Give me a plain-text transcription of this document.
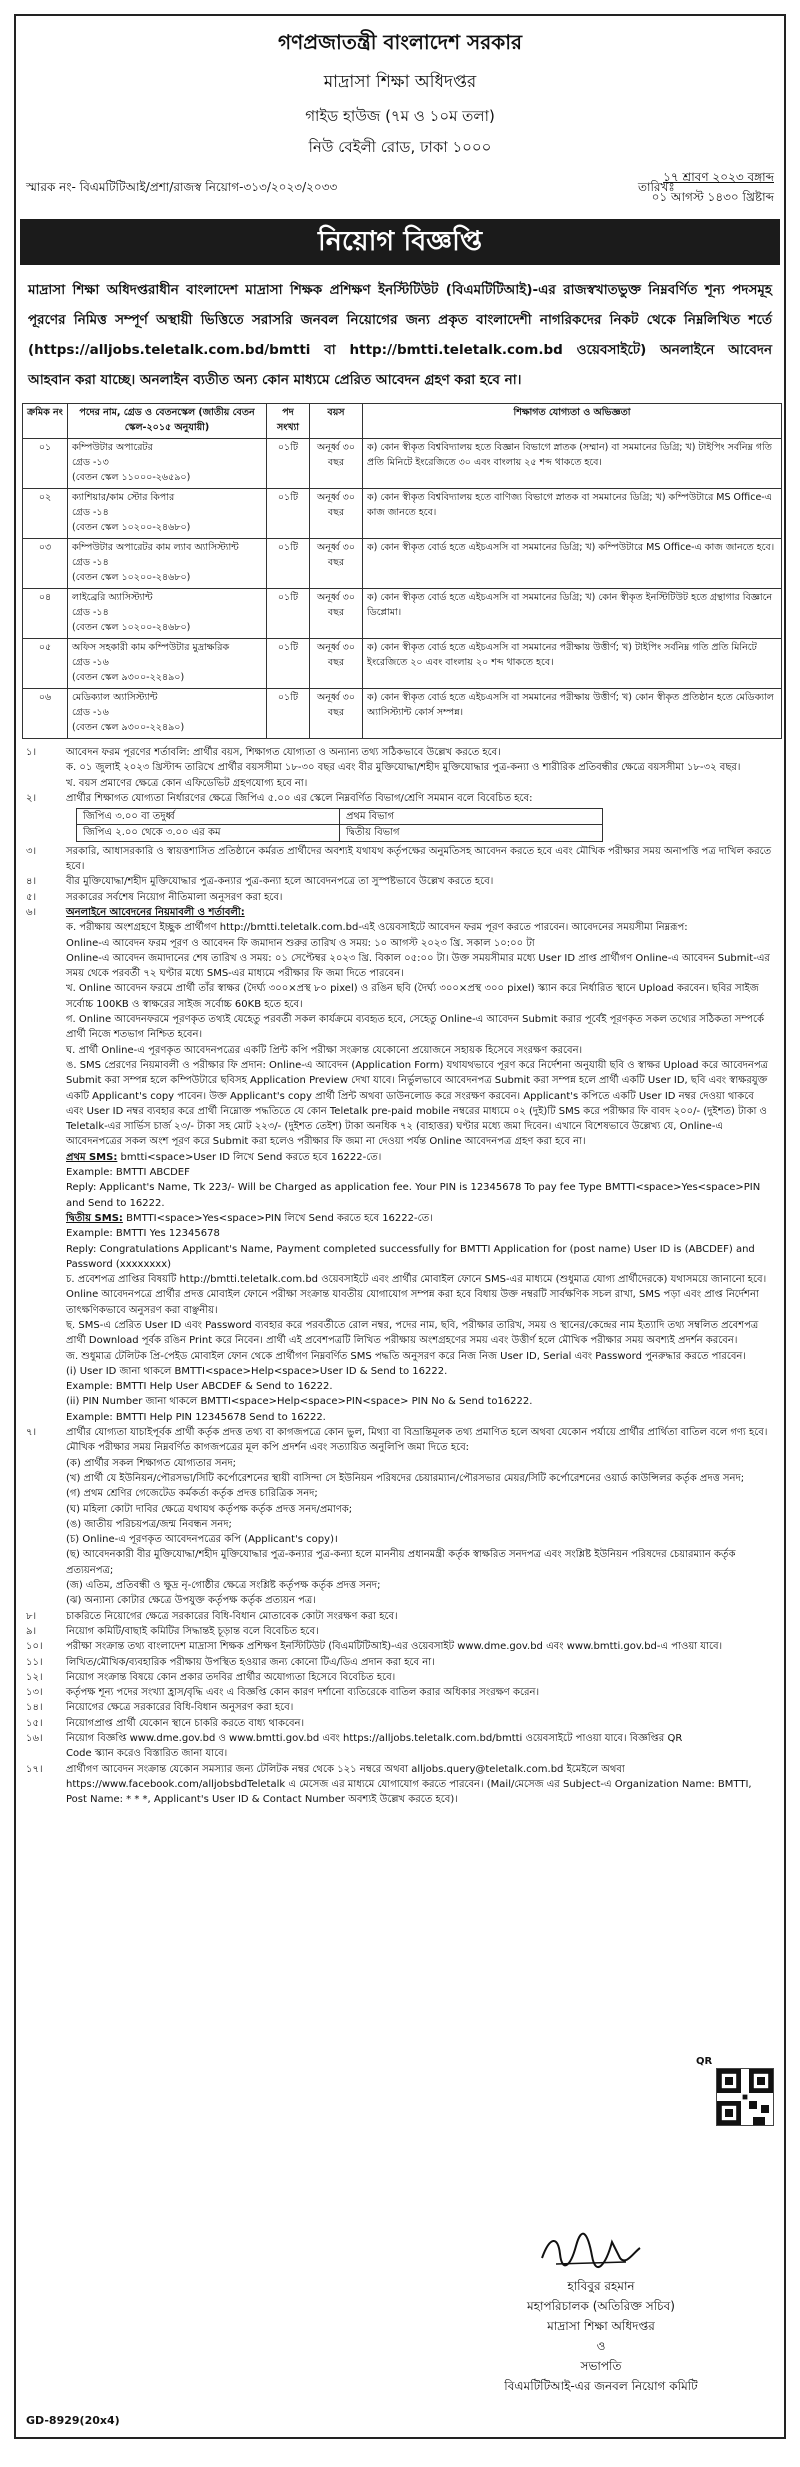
গণপ্রজাতন্ত্রী বাংলাদেশ সরকার
মাদ্রাসা শিক্ষা অধিদপ্তর
গাইড হাউজ (৭ম ও ১০ম তলা)
নিউ বেইলী রোড, ঢাকা ১০০০
স্মারক নং- বিএমটিটিআই/প্রশা/রাজস্ব নিয়োগ-৩১৩/২০২৩/২০৩৩	তারিখঃ
১৭ শ্রাবণ ২০২৩ বঙ্গাব্দ
০১ আগস্ট ১৪৩০ খ্রিষ্টাব্দ
নিয়োগ বিজ্ঞপ্তি
মাদ্রাসা শিক্ষা অধিদপ্তরাধীন বাংলাদেশ মাদ্রাসা শিক্ষক প্রশিক্ষণ ইনস্টিটিউট (বিএমটিটিআই)-এর রাজস্বখাতভুক্ত নিম্নবর্ণিত শূন্য পদসমূহ পূরণের নিমিত্ত সম্পূর্ণ অস্থায়ী ভিত্তিতে সরাসরি জনবল নিয়োগের জন্য প্রকৃত বাংলাদেশী নাগরিকদের নিকট থেকে নিম্নলিখিত শর্তে (https://alljobs.teletalk.com.bd/bmtti বা http://bmtti.teletalk.com.bd ওয়েবসাইটে) অনলাইনে আবেদন আহবান করা যাচ্ছে। অনলাইন ব্যতীত অন্য কোন মাধ্যমে প্রেরিত আবেদন গ্রহণ করা হবে না।
ক্রমিক নং	পদের নাম, গ্রেড ও বেতনস্কেল (জাতীয় বেতন স্কেল-২০১৫ অনুযায়ী)	পদ সংখ্যা	বয়স	শিক্ষাগত যোগ্যতা ও অভিজ্ঞতা

০১	কম্পিউটার অপারেটর
গ্রেড -১৩
(বেতন স্কেল ১১০০০-২৬৫৯০)	০১টি	অনূর্ধ্ব ৩০ বছর	ক) কোন স্বীকৃত বিশ্ববিদ্যালয় হতে বিজ্ঞান বিভাগে স্নাতক (সম্মান) বা সমমানের ডিগ্রি; খ) টাইপিং সর্বনিম্ন গতি প্রতি মিনিটে ইংরেজিতে ৩০ এবং বাংলায় ২৫ শব্দ থাকতে হবে।

০২	ক্যাশিয়ার/কাম স্টোর কিপার
গ্রেড -১৪
(বেতন স্কেল ১০২০০-২৪৬৮০)	০১টি	অনূর্ধ্ব ৩০ বছর	ক) কোন স্বীকৃত বিশ্ববিদ্যালয় হতে বাণিজ্য বিভাগে স্নাতক বা সমমানের ডিগ্রি; খ) কম্পিউটারে MS Office-এ কাজ জানতে হবে।

০৩	কম্পিউটার অপারেটর কাম ল্যাব অ্যাসিস্ট্যান্ট
গ্রেড -১৪
(বেতন স্কেল ১০২০০-২৪৬৮০)	০১টি	অনূর্ধ্ব ৩০ বছর	ক) কোন স্বীকৃত বোর্ড হতে এইচএসসি বা সমমানের ডিগ্রি; খ) কম্পিউটারে MS Office-এ কাজ জানতে হবে।

০৪	লাইব্রেরি অ্যাসিস্ট্যান্ট
গ্রেড -১৪
(বেতন স্কেল ১০২০০-২৪৬৮০)	০১টি	অনূর্ধ্ব ৩০ বছর	ক) কোন স্বীকৃত বোর্ড হতে এইচএসসি বা সমমানের ডিগ্রি; খ) কোন স্বীকৃত ইনস্টিটিউট হতে গ্রন্থাগার বিজ্ঞানে ডিপ্লোমা।

০৫	অফিস সহকারী কাম কম্পিউটার মুদ্রাক্ষরিক
গ্রেড -১৬
(বেতন স্কেল ৯৩০০-২২৪৯০)	০১টি	অনূর্ধ্ব ৩০ বছর	ক) কোন স্বীকৃত বোর্ড হতে এইচএসসি বা সমমানের পরীক্ষায় উত্তীর্ণ; খ) টাইপিং সর্বনিম্ন গতি প্রতি মিনিটে ইংরেজিতে ২০ এবং বাংলায় ২০ শব্দ থাকতে হবে।

০৬	মেডিক্যাল অ্যাসিস্ট্যান্ট
গ্রেড -১৬
(বেতন স্কেল ৯৩০০-২২৪৯০)	০১টি	অনূর্ধ্ব ৩০ বছর	ক) কোন স্বীকৃত বোর্ড হতে এইচএসসি বা সমমানের পরীক্ষায় উত্তীর্ণ; খ) কোন স্বীকৃত প্রতিষ্ঠান হতে মেডিক্যাল অ্যাসিস্ট্যান্ট কোর্স সম্পন্ন।
১।	আবেদন ফরম পূরণের শর্তাবলি: প্রার্থীর বয়স, শিক্ষাগত যোগ্যতা ও অন্যান্য তথ্য সঠিকভাবে উল্লেখ করতে হবে।

ক. ০১ জুলাই ২০২৩ খ্রিস্টাব্দ তারিখে প্রার্থীর বয়সসীমা ১৮-৩০ বছর এবং বীর মুক্তিযোদ্ধা/শহীদ মুক্তিযোদ্ধার পুত্র-কন্যা ও শারীরিক প্রতিবন্ধীর ক্ষেত্রে বয়সসীমা ১৮-৩২ বছর।

খ. বয়স প্রমাণের ক্ষেত্রে কোন এফিডেভিট গ্রহণযোগ্য হবে না।

২।	প্রার্থীর শিক্ষাগত যোগ্যতা নির্ধারণের ক্ষেত্রে জিপিএ ৫.০০ এর স্কেলে নিম্নবর্ণিত বিভাগ/শ্রেণি সমমান বলে বিবেচিত হবে:
জিপিএ ৩.০০ বা তদুর্ধ্ব	প্রথম বিভাগ
জিপিএ ২.০০ থেকে ৩.০০ এর কম	দ্বিতীয় বিভাগ
৩।	সরকারি, আধাসরকারি ও স্বায়ত্তশাসিত প্রতিষ্ঠানে কর্মরত প্রার্থীদের অবশ্যই যথাযথ কর্তৃপক্ষের অনুমতিসহ আবেদন করতে হবে এবং মৌখিক পরীক্ষার সময় অনাপত্তি পত্র দাখিল করতে হবে।
৪।	বীর মুক্তিযোদ্ধা/শহীদ মুক্তিযোদ্ধার পুত্র-কন্যার পুত্র-কন্যা হলে আবেদনপত্রে তা সুস্পষ্টভাবে উল্লেখ করতে হবে।
৫।	সরকারের সর্বশেষ নিয়োগ নীতিমালা অনুসরণ করা হবে।
৬।	অনলাইনে আবেদনের নিয়মাবলী ও শর্তাবলী:

ক. পরীক্ষায় অংশগ্রহণে ইচ্ছুক প্রার্থীগণ http://bmtti.teletalk.com.bd-এই ওয়েবসাইটে আবেদন ফরম পূরণ করতে পারবেন। আবেদনের সময়সীমা নিম্নরূপ:

Online-এ আবেদন ফরম পূরণ ও আবেদন ফি জমাদান শুরুর তারিখ ও সময়: ১০ আগস্ট ২০২৩ খ্রি. সকাল ১০:০০ টা

Online-এ আবেদন জমাদানের শেষ তারিখ ও সময়: ০১ সেপ্টেম্বর ২০২৩ খ্রি. বিকাল ০৫:০০ টা। উক্ত সময়সীমার মধ্যে User ID প্রাপ্ত প্রার্থীগণ Online-এ আবেদন Submit-এর সময় থেকে পরবর্তী ৭২ ঘণ্টার মধ্যে SMS-এর মাধ্যমে পরীক্ষার ফি জমা দিতে পারবেন।

খ. Online আবেদন ফরমে প্রার্থী তাঁর স্বাক্ষর (দৈর্ঘ্য ৩০০×প্রস্থ ৮০ pixel) ও রঙিন ছবি (দৈর্ঘ্য ৩০০×প্রস্থ ৩০০ pixel) স্ক্যান করে নির্ধারিত স্থানে Upload করবেন। ছবির সাইজ সর্বোচ্চ 100KB ও স্বাক্ষরের সাইজ সর্বোচ্চ 60KB হতে হবে।

গ. Online আবেদনফরমে পূরণকৃত তথ্যই যেহেতু পরবর্তী সকল কার্যক্রমে ব্যবহৃত হবে, সেহেতু Online-এ আবেদন Submit করার পূর্বেই পূরণকৃত সকল তথ্যের সঠিকতা সম্পর্কে প্রার্থী নিজে শতভাগ নিশ্চিত হবেন।

ঘ. প্রার্থী Online-এ পূরণকৃত আবেদনপত্রের একটি প্রিন্ট কপি পরীক্ষা সংক্রান্ত যেকোনো প্রয়োজনে সহায়ক হিসেবে সংরক্ষণ করবেন।

ঙ. SMS প্রেরণের নিয়মাবলী ও পরীক্ষার ফি প্রদান: Online-এ আবেদন (Application Form) যথাযথভাবে পূরণ করে নির্দেশনা অনুযায়ী ছবি ও স্বাক্ষর Upload করে আবেদনপত্র Submit করা সম্পন্ন হলে কম্পিউটারে ছবিসহ Application Preview দেখা যাবে। নির্ভুলভাবে আবেদনপত্র Submit করা সম্পন্ন হলে প্রার্থী একটি User ID, ছবি এবং স্বাক্ষরযুক্ত একটি Applicant's copy পাবেন। উক্ত Applicant's copy প্রার্থী প্রিন্ট অথবা ডাউনলোড করে সংরক্ষণ করবেন। Applicant's কপিতে একটি User ID নম্বর দেওয়া থাকবে এবং User ID নম্বর ব্যবহার করে প্রার্থী নিম্নোক্ত পদ্ধতিতে যে কোন Teletalk pre-paid mobile নম্বরের মাধ্যমে ০২ (দুই)টি SMS করে পরীক্ষার ফি বাবদ ২০০/- (দুইশত) টাকা ও Teletalk-এর সার্ভিস চার্জ ২৩/- টাকা সহ মোট ২২৩/- (দুইশত তেইশ) টাকা অনধিক ৭২ (বাহাত্তর) ঘণ্টার মধ্যে জমা দিবেন। এখানে বিশেষভাবে উল্লেখ্য যে, Online-এ আবেদনপত্রের সকল অংশ পূরণ করে Submit করা হলেও পরীক্ষার ফি জমা না দেওয়া পর্যন্ত Online আবেদনপত্র গ্রহণ করা হবে না।

প্রথম SMS: bmtti<space>User ID লিখে Send করতে হবে 16222-তে।

Example: BMTTI ABCDEF

Reply: Applicant's Name, Tk 223/- Will be Charged as application fee. Your PIN is 12345678 To pay fee Type BMTTI<space>Yes<space>PIN and Send to 16222.

দ্বিতীয় SMS: BMTTI<space>Yes<space>PIN লিখে Send করতে হবে 16222-তে।

Example: BMTTI Yes 12345678

Reply: Congratulations Applicant's Name, Payment completed successfully for BMTTI Application for (post name) User ID is (ABCDEF) and Password (xxxxxxxx)

চ. প্রবেশপত্র প্রাপ্তির বিষয়টি http://bmtti.teletalk.com.bd ওয়েবসাইটে এবং প্রার্থীর মোবাইল ফোনে SMS-এর মাধ্যমে (শুধুমাত্র যোগ্য প্রার্থীদেরকে) যথাসময়ে জানানো হবে। Online আবেদনপত্রে প্রার্থীর প্রদত্ত মোবাইল ফোনে পরীক্ষা সংক্রান্ত যাবতীয় যোগাযোগ সম্পন্ন করা হবে বিধায় উক্ত নম্বরটি সার্বক্ষণিক সচল রাখা, SMS পড়া এবং প্রাপ্ত নির্দেশনা তাৎক্ষণিকভাবে অনুসরণ করা বাঞ্ছনীয়।

ছ. SMS-এ প্রেরিত User ID এবং Password ব্যবহার করে পরবর্তীতে রোল নম্বর, পদের নাম, ছবি, পরীক্ষার তারিখ, সময় ও স্থানের/কেন্দ্রের নাম ইত্যাদি তথ্য সম্বলিত প্রবেশপত্র প্রার্থী Download পূর্বক রঙিন Print করে নিবেন। প্রার্থী এই প্রবেশপত্রটি লিখিত পরীক্ষায় অংশগ্রহণের সময় এবং উত্তীর্ণ হলে মৌখিক পরীক্ষার সময় অবশ্যই প্রদর্শন করবেন।

জ. শুধুমাত্র টেলিটক প্রি-পেইড মোবাইল ফোন থেকে প্রার্থীগণ নিম্নবর্ণিত SMS পদ্ধতি অনুসরণ করে নিজ নিজ User ID, Serial এবং Password পুনরুদ্ধার করতে পারবেন।

(i) User ID জানা থাকলে BMTTI<space>Help<space>User ID & Send to 16222.

Example: BMTTI Help User ABCDEF & Send to 16222.

(ii) PIN Number জানা থাকলে BMTTI<space>Help<space>PIN<space> PIN No & Send to16222.

Example: BMTTI Help PIN 12345678 Send to 16222.

৭।	প্রার্থীর যোগ্যতা যাচাইপূর্বক প্রার্থী কর্তৃক প্রদত্ত তথ্য বা কাগজপত্রে কোন ভুল, মিথ্যা বা বিভ্রান্তিমূলক তথ্য প্রমাণিত হলে অথবা যেকোন পর্যায়ে প্রার্থীর প্রার্থিতা বাতিল বলে গণ্য হবে। মৌখিক পরীক্ষার সময় নিম্নবর্ণিত কাগজপত্রের মূল কপি প্রদর্শন এবং সত্যায়িত অনুলিপি জমা দিতে হবে:

(ক) প্রার্থীর সকল শিক্ষাগত যোগ্যতার সনদ;

(খ) প্রার্থী যে ইউনিয়ন/পৌরসভা/সিটি কর্পোরেশনের স্থায়ী বাসিন্দা সে ইউনিয়ন পরিষদের চেয়ারম্যান/পৌরসভার মেয়র/সিটি কর্পোরেশনের ওয়ার্ড কাউন্সিলর কর্তৃক প্রদত্ত সনদ;

(গ) প্রথম শ্রেণির গেজেটেড কর্মকর্তা কর্তৃক প্রদত্ত চারিত্রিক সনদ;

(ঘ) মহিলা কোটা দাবির ক্ষেত্রে যথাযথ কর্তৃপক্ষ কর্তৃক প্রদত্ত সনদ/প্রমাণক;

(ঙ) জাতীয় পরিচয়পত্র/জন্ম নিবন্ধন সনদ;

(চ) Online-এ পূরণকৃত আবেদনপত্রের কপি (Applicant's copy)।

(ছ) আবেদনকারী বীর মুক্তিযোদ্ধা/শহীদ মুক্তিযোদ্ধার পুত্র-কন্যার পুত্র-কন্যা হলে মাননীয় প্রধানমন্ত্রী কর্তৃক স্বাক্ষরিত সনদপত্র এবং সংশ্লিষ্ট ইউনিয়ন পরিষদের চেয়ারম্যান কর্তৃক প্রত্যয়নপত্র;

(জ) এতিম, প্রতিবন্ধী ও ক্ষুদ্র নৃ-গোষ্ঠীর ক্ষেত্রে সংশ্লিষ্ট কর্তৃপক্ষ কর্তৃক প্রদত্ত সনদ;

(ঝ) অন্যান্য কোটার ক্ষেত্রে উপযুক্ত কর্তৃপক্ষ কর্তৃক প্রত্যয়ন পত্র।

৮।	চাকরিতে নিয়োগের ক্ষেত্রে সরকারের বিধি-বিধান মোতাবেক কোটা সংরক্ষণ করা হবে।
৯।	নিয়োগ কমিটি/বাছাই কমিটির সিদ্ধান্তই চূড়ান্ত বলে বিবেচিত হবে।
১০।	পরীক্ষা সংক্রান্ত তথ্য বাংলাদেশ মাদ্রাসা শিক্ষক প্রশিক্ষণ ইনস্টিটিউট (বিএমটিটিআই)-এর ওয়েবসাইট www.dme.gov.bd এবং www.bmtti.gov.bd-এ পাওয়া যাবে।
১১।	লিখিত/মৌখিক/ব্যবহারিক পরীক্ষায় উপস্থিত হওয়ার জন্য কোনো টিএ/ডিএ প্রদান করা হবে না।
১২।	নিয়োগ সংক্রান্ত বিষয়ে কোন প্রকার তদবির প্রার্থীর অযোগ্যতা হিসেবে বিবেচিত হবে।
১৩।	কর্তৃপক্ষ শূন্য পদের সংখ্যা হ্রাস/বৃদ্ধি এবং এ বিজ্ঞপ্তি কোন কারণ দর্শানো ব্যতিরেকে বাতিল করার অধিকার সংরক্ষণ করেন।
১৪।	নিয়োগের ক্ষেত্রে সরকারের বিধি-বিধান অনুসরণ করা হবে।
১৫।	নিয়োগপ্রাপ্ত প্রার্থী যেকোন স্থানে চাকরি করতে বাধ্য থাকবেন।
১৬।	নিয়োগ বিজ্ঞপ্তি www.dme.gov.bd ও www.bmtti.gov.bd এবং https://alljobs.teletalk.com.bd/bmtti ওয়েবসাইটে পাওয়া যাবে। বিজ্ঞপ্তির QR Code স্ক্যান করেও বিস্তারিত জানা যাবে।
১৭।	প্রার্থীগণ আবেদন সংক্রান্ত যেকোন সমস্যার জন্য টেলিটক নম্বর থেকে ১২১ নম্বরে অথবা alljobs.query@teletalk.com.bd ইমেইলে অথবা https://www.facebook.com/alljobsbdTeletalk এ মেসেজ এর মাধ্যমে যোগাযোগ করতে পারবেন। (Mail/মেসেজ এর Subject-এ Organization Name: BMTTI, Post Name: * * *, Applicant's User ID & Contact Number অবশ্যই উল্লেখ করতে হবে)।
QR
হাবিবুর রহমান
মহাপরিচালক (অতিরিক্ত সচিব)
মাদ্রাসা শিক্ষা অধিদপ্তর
ও
সভাপতি
বিএমটিটিআই-এর জনবল নিয়োগ কমিটি
GD-8929(20x4)
